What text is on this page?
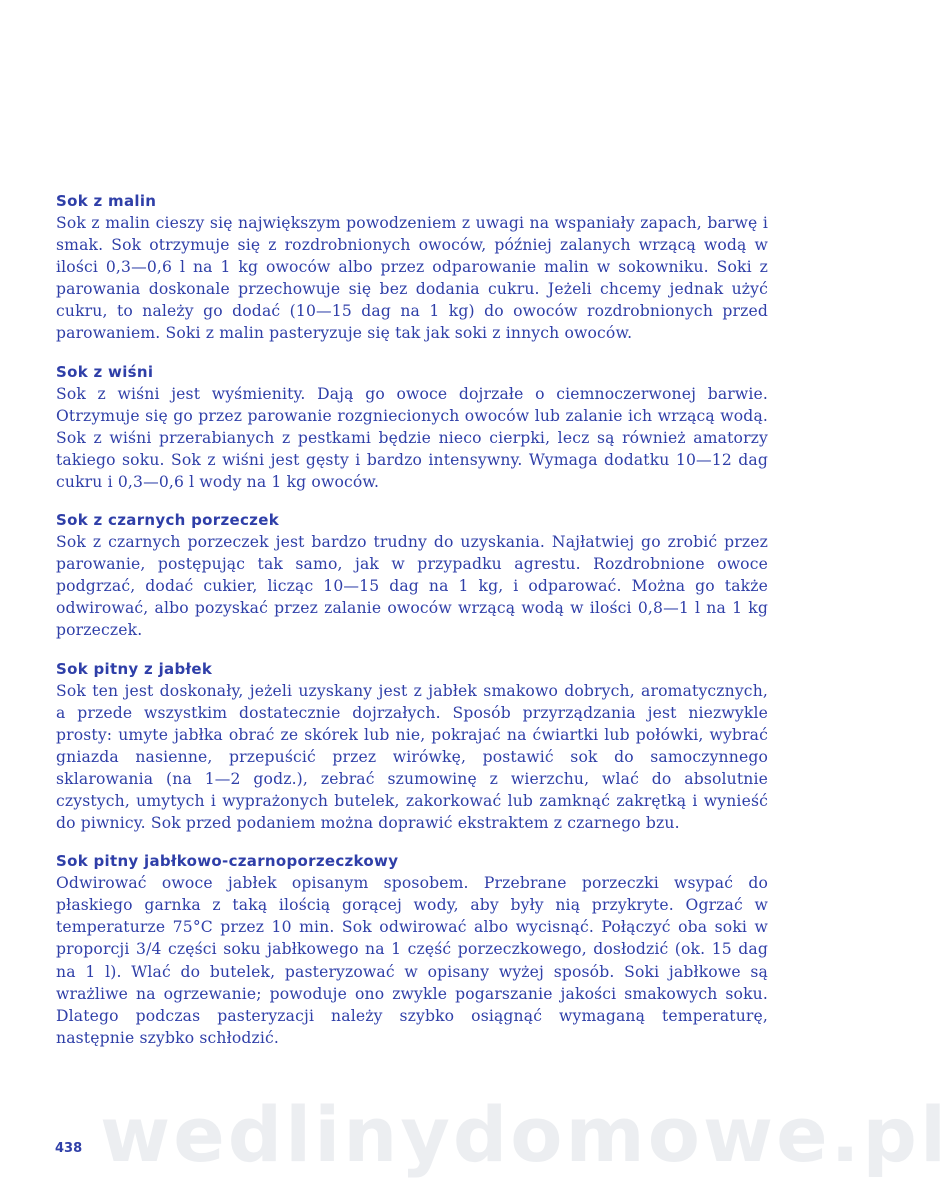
Sok z malin

Sok z malin cieszy się największym powodzeniem z uwagi na wspaniały zapach, barwę i smak. Sok otrzymuje się z rozdrobnionych owoców, później zalanych wrzącą wodą w ilości 0,3—0,6 l na 1 kg owoców albo przez odparowanie malin w sokowniku. Soki z parowania doskonale przechowuje się bez dodania cukru. Jeżeli chcemy jednak użyć cukru, to należy go dodać (10—15 dag na 1 kg) do owoców rozdrobnionych przed parowaniem. Soki z malin pasteryzuje się tak jak soki z innych owoców.

Sok z wiśni

Sok z wiśni jest wyśmienity. Dają go owoce dojrzałe o ciemnoczerwonej barwie. Otrzymuje się go przez parowanie rozgniecionych owoców lub zalanie ich wrzącą wodą. Sok z wiśni przerabianych z pestkami będzie nieco cierpki, lecz są również amatorzy takiego soku. Sok z wiśni jest gęsty i bardzo intensywny. Wymaga dodatku 10—12 dag cukru i 0,3—0,6 l wody na 1 kg owoców.

Sok z czarnych porzeczek

Sok z czarnych porzeczek jest bardzo trudny do uzyskania. Najłatwiej go zrobić przez parowanie, postępując tak samo, jak w przypadku agrestu. Rozdrobnione owoce podgrzać, dodać cukier, licząc 10—15 dag na 1 kg, i odparować. Można go także odwirować, albo pozyskać przez zalanie owoców wrzącą wodą w ilości 0,8—1 l na 1 kg porzeczek.

Sok pitny z jabłek

Sok ten jest doskonały, jeżeli uzyskany jest z jabłek smakowo dobrych, aromatycznych, a przede wszystkim dostatecznie dojrzałych. Sposób przyrządzania jest niezwykle prosty: umyte jabłka obrać ze skórek lub nie, pokrajać na ćwiartki lub połówki, wybrać gniazda nasienne, przepuścić przez wirówkę, postawić sok do samoczynnego sklarowania (na 1—2 godz.), zebrać szumowinę z wierzchu, wlać do absolutnie czystych, umytych i wyprażonych butelek, zakorkować lub zamknąć zakrętką i wynieść do piwnicy. Sok przed podaniem można doprawić ekstraktem z czarnego bzu.

Sok pitny jabłkowo-czarnoporzeczkowy

Odwirować owoce jabłek opisanym sposobem. Przebrane porzeczki wsypać do płaskiego garnka z taką ilością gorącej wody, aby były nią przykryte. Ogrzać w temperaturze 75°C przez 10 min. Sok odwirować albo wycisnąć. Połączyć oba soki w proporcji 3/4 części soku jabłkowego na 1 część porzeczkowego, dosłodzić (ok. 15 dag na 1 l). Wlać do butelek, pasteryzować w opisany wyżej sposób. Soki jabłkowe są wrażliwe na ogrzewanie; powoduje ono zwykle pogarszanie jakości smakowych soku. Dlatego podczas pasteryzacji należy szybko osiągnąć wymaganą temperaturę, następnie szybko schłodzić.

wedlinydomowe.pl
438
